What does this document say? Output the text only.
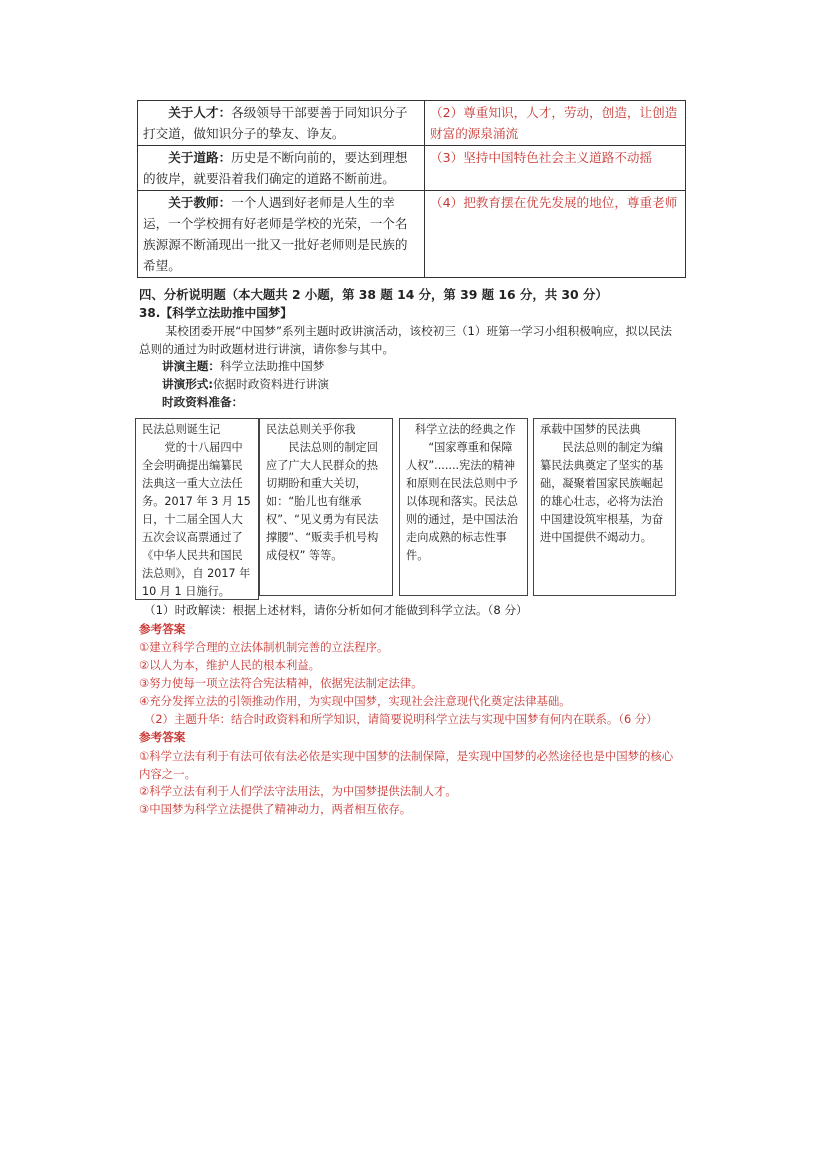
关于人才：各级领导干部要善于同知识分子打交道，做知识分子的挚友、诤友。	（2）尊重知识，人才，劳动，创造，让创造财富的源泉涌流
关于道路：历史是不断向前的，要达到理想的彼岸，就要沿着我们确定的道路不断前进。	（3）坚持中国特色社会主义道路不动摇
关于教师：一个人遇到好老师是人生的幸运，一个学校拥有好老师是学校的光荣，一个名族源源不断涌现出一批又一批好老师则是民族的希望。	（4）把教育摆在优先发展的地位，尊重老师
四、分析说明题（本大题共 2 小题，第 38 题 14 分，第 39 题 16 分，共 30 分）
38.【科学立法助推中国梦】
某校团委开展“中国梦”系列主题时政讲演活动，该校初三（1）班第一学习小组积极响应，拟以民法总则的通过为时政题材进行讲演，请你参与其中。
讲演主题：科学立法助推中国梦
讲演形式:依据时政资料进行讲演
时政资料准备：
民法总则诞生记
党的十八届四中全会明确提出编纂民法典这一重大立法任务。2017 年 3 月 15 日，十二届全国人大五次会议高票通过了《中华人民共和国民法总则》，自 2017 年 10 月 1 日施行。
民法总则关乎你我
民法总则的制定回应了广大人民群众的热切期盼和重大关切，如：“胎儿也有继承权”、“见义勇为有民法撑腰”、“贩卖手机号构成侵权” 等等。
科学立法的经典之作
“国家尊重和保障人权”.......宪法的精神和原则在民法总则中予以体现和落实。民法总则的通过，是中国法治走向成熟的标志性事件。
承载中国梦的民法典
民法总则的制定为编纂民法典奠定了坚实的基础，凝聚着国家民族崛起的雄心壮志，必将为法治中国建设筑牢根基，为奋进中国提供不竭动力。
（1）时政解读：根据上述材料，请你分析如何才能做到科学立法。（8 分）
参考答案
①建立科学合理的立法体制机制完善的立法程序。
②以人为本，维护人民的根本利益。
③努力使每一项立法符合宪法精神，依据宪法制定法律。
④充分发挥立法的引领推动作用，为实现中国梦，实现社会注意现代化奠定法律基础。
（2）主题升华：结合时政资料和所学知识，请简要说明科学立法与实现中国梦有何内在联系。（6 分）
参考答案
①科学立法有利于有法可依有法必依是实现中国梦的法制保障，是实现中国梦的必然途径也是中国梦的核心内容之一。
②科学立法有利于人们学法守法用法，为中国梦提供法制人才。
③中国梦为科学立法提供了精神动力，两者相互依存。
